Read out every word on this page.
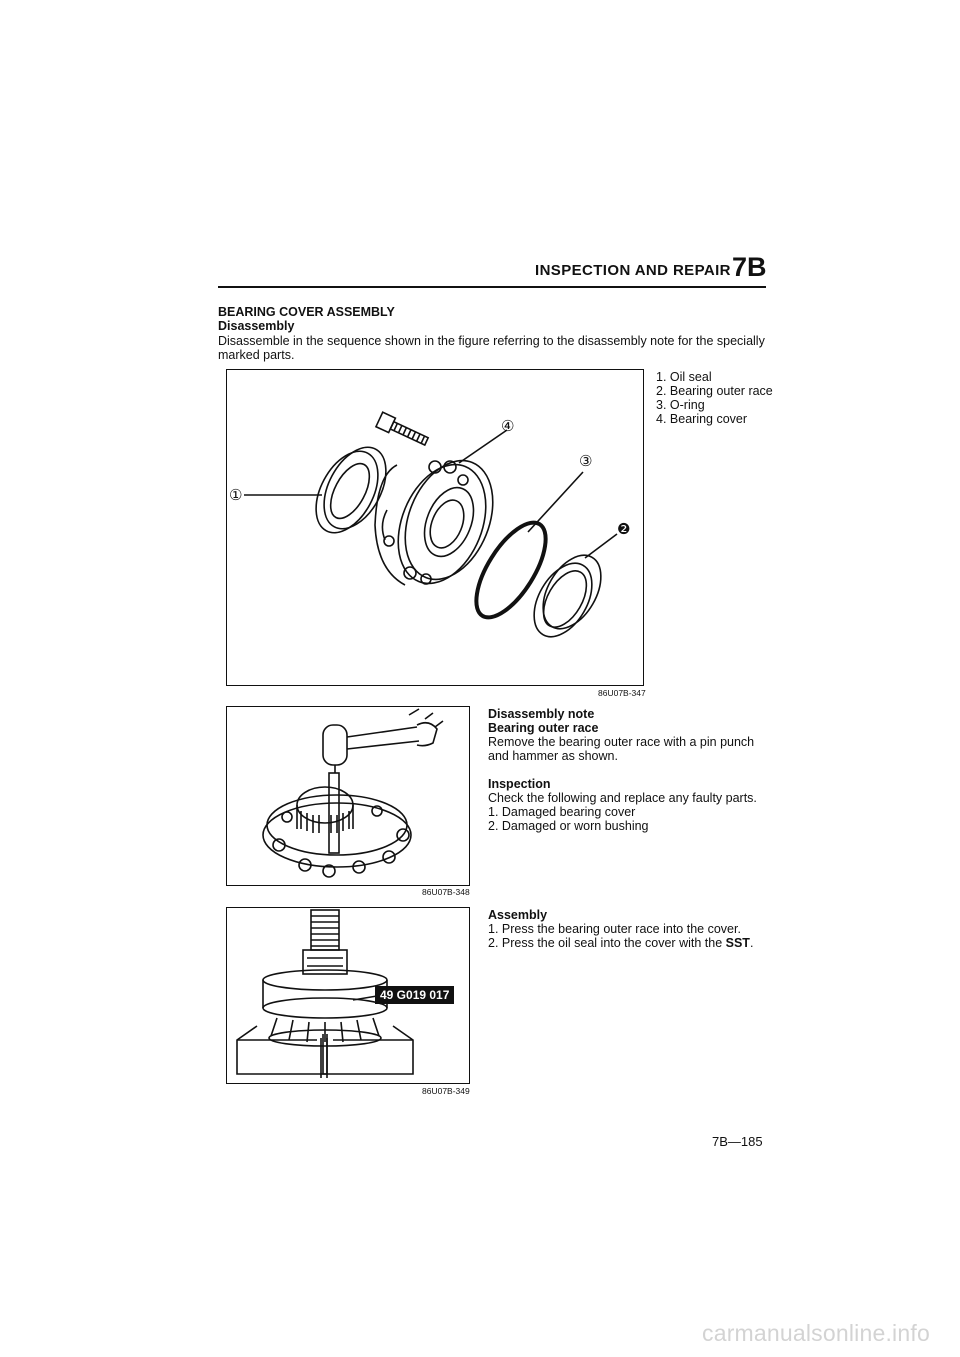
INSPECTION AND REPAIR 7B
BEARING COVER ASSEMBLY
Disassembly
Disassemble in the sequence shown in the figure referring to the disassembly note for the specially marked parts.
①
④
③
❷
86U07B-347
1. Oil seal
2. Bearing outer race
3. O-ring
4. Bearing cover
86U07B-348
Disassembly note
Bearing outer race
Remove the bearing outer race with a pin punch and hammer as shown.
Inspection
Check the following and replace any faulty parts.
1. Damaged bearing cover
2. Damaged or worn bushing
49 G019 017
86U07B-349
Assembly
1. Press the bearing outer race into the cover.
2. Press the oil seal into the cover with the SST.
7B—185
carmanualsonline.info
